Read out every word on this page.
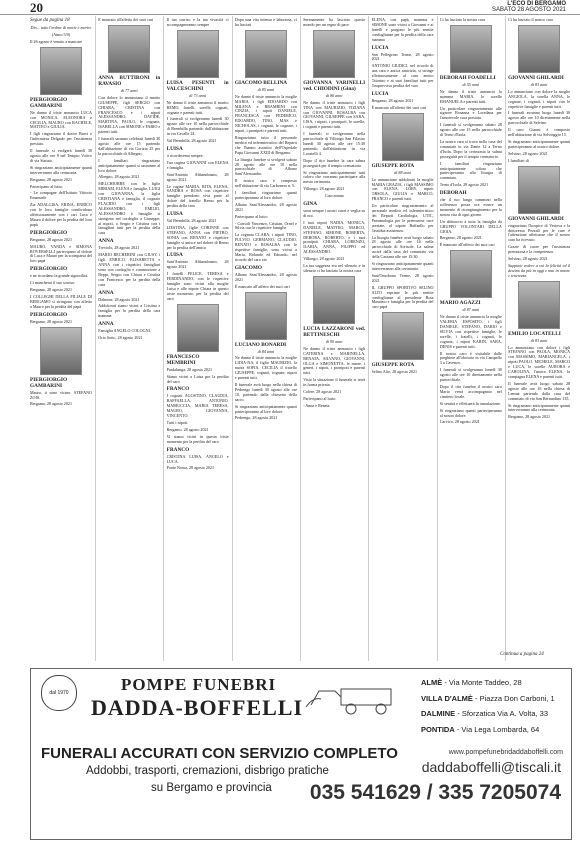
20	L'ECO DI BERGAMO
SABATO 28 AGOSTO 2021
Segue da pagina 18

Dio... tutto l'ordine di morte e morire

(Atmo 5/0)

Il 26 agosto è venuto a mancare

PIERGIORGIO GAMBARINI

Ne danno il triste annuncio LUCA con MONICA, ELEONORA e CECILIA, MAURO con RACHELE, MATTEO e GIULIA.

I figli ringraziano il dottor Bravi e l'infermiera Delgado per l'assistenza prestata.

Il funerale si svolgerà lunedì 30 agosto alle ore 9 nel Tempio Votivo di via Statuto.

Si ringraziano anticipatamente quanti interverranno alla cerimonia.

Bergamo, 28 agosto 2021

Partecipano al lutto:

- Le compagne dell'Istituto Vittorio Emanuele

Zia ADALGISA, ERINA, ENRICO con le loro famiglie condividono affettuosamente con i cari Luca e Mauro il dolore per la perdita del loro papà

PIERGIORGIO

Bergamo, 28 agosto 2021

MAURO, VANDA e SIMONA ROVERSELLI partecipano al dolore di Luca e Mauro per la scomparsa del loro papà

PIERGIORGIO

e ne ricordano la grande signorilità.

Ci mancherai il suo sorriso.

Bergamo, 28 agosto 2021

I COLLEGHI DELLA FILIALE DI BERGAMO si stringono con affetto a Mauro per la perdita del papà

PIERGIORGIO

Bergamo, 28 agosto 2021

PIERGIORGIO GAMBARINI

Mauro, ti sono vicino. STEFANO ZOIS.

Bergamo, 28 agosto 2021

È mancato all'affetto dei suoi cari

ANNA BUTTIRONI in RAVASIO

di 77 anni

Con dolore lo annunciano il marito GIUSEPPE, figli SERGIO con CHIARA, CRISTINA con FRANCESCO e i nipoti ALESSANDRO, DAVIDE, MARTINA, PAOLO, le cognate, ISABELLA con SIMONE e FABIO e parenti tutti.

I funerali saranno celebrati lunedì 30 agosto alle ore 15 partendo dall'abitazione di via Gorizia 25 per la parrocchiale di Albegno.

I familiari ringraziano anticipatamente quanti si uniranno al loro dolore.

Albegno, 28 agosto 2021

MELCHIORRE con le figlie MIRIAM, ELENA e famiglie, LUIGI con GIOVANNA, la figlia CRISTIANA e famiglia, il cognato PLACIDO con i figli ALESSANDRO, EMILIO, ALESSANDRO e famiglie si stringono nel cordoglio a Giuseppe, ai nipoti, a Sergio e Cristina con i famigliari tutti per la perdita della cara

ANNA

Treviolo, 28 agosto 2021

MARIO BECHERINI con GIUSY, i figli ENRICO, ELISABETTA e ANNA con i rispettivi famigliari sono con cordoglio e commozione a Beppi, Sergio con Chiara e Cristina con Francesco per la perdita della cara

ANNA

Dalmine, 28 agosto 2021

Addolorati siamo vicini a Cristina e famiglia per la perdita della cara mamma

ANNA

Famiglia ANGELO COLOGNI.

Orio Sotto, 28 agosto 2021

Il tuo sorriso e la tua vivacità ci accompagneranno sempre

LUISA PESENTI in VALCESCHINI

di 73 anni

Ne danno il triste annuncio il marito REMO, fratelli, sorelle, cognati, cognate e parenti tutti.

I funerali si svolgeranno lunedì 30 agosto alle ore 10 nella parrocchiale di Brembilla partendo dall'abitazione in via Cavalle 24.

Val Brembilla, 28 agosto 2021

LUISA

ti ricorderemo sempre.

Tua cugina GIOVANNI con ELENA e famiglia.

Sant'Antonio Abbandonato, 28 agosto 2021

Le cugine MARIA, RITA, ELENA, SANDRA e ROSA con rispettive famiglie prendono viva parte al dolore del fratello Remo per la perdita della cara

LUISA

Val Brembilla, 28 agosto 2021

LIESTINA, figlie CORINNE con STEFANO, ANNA con PIETRO, SONIA con RENATO e rispettive famiglie si unisce nel dolore di Remo per la perdita dell'amica

LUISA

Sant'Antonio Abbandonato, 28 agosto 2021

I fratelli FELICE, TERESA e FERDINANDO, con le rispettive famiglie sono vicini alla moglie Luisa e alle nipote Chiara in questo triste momento, per la perdita del caro

FRANCESCO MEMBRINI

Pradalunga, 28 agosto 2021

Siamo vicini a Luisa per la perdita del caro

FRANCO

I cognati AGOSTINO, CLAUDIA, RAFFAELLA, ANTONIO, MARIUCCIA, MARIA TERESA, MAURO, GIOVANNA, VINCENTO.

Tutti i nipoti.

Bergamo, 28 agosto 2021

Vi siamo vicini in questo triste momento per la perdita del caro

FRANCO

CRISTINA LUISA, ANGELO e LUCA.

Ponte Nossa, 28 agosto 2021

Dopo una vita intensa e laboriosa, ci ha lasciati

GIACOMO BELLINA

di 85 anni

Ne danno il triste annuncio la moglie MARIA, i figli EDOARDO con MILENA e BRAMBINI con CINZIA, i nipoti DANIELE, FRANCESCA con FEDERICO, EDOARDO, TINO, MAS e NICHOLAS, i cognati, le cognate, i nipoti, i pronipoti e parenti tutti.

Ringraziamo tutto il personale medico ed infermieristico del Reparti che l'hanno assistito dell'Ospedale Papa Giovanni XXIII di Bergamo.

La liturgia funebre si svolgerà sabato 28 agosto alle ore 10 nella parrocchiale di Albano Sant'Alessandro.

Il nostro caro è composto nell'abitazione di via Carbonera n. 5.

I familiari ringraziano quanti parteciperanno al loro dolore.

Albano Sant'Alessandro, 28 agosto 2021

Partecipano al lutto:

- Consoli Vincenzo, Cristian, Ornel e Silvia con le rispettive famiglie

La cognata CLARA, i nipoti TINO, FULVIO, GERMANO, CLAUDIO, RENATO e ROSALBA con le rispettive famiglie, sono vicini a Maria, Rolando ed Edoardo, nel ricordo del caro zio

GIACOMO

Albano Sant'Alessandro, 28 agosto 2021

È mancato all'affetto dei suoi cari

LUCIANO BONARDI

di 84 anni

Ne danno il triste annuncio la moglie LIDIA-NA, il figlio MAURIZIO, la nuora SOFIA, CECILIA il fratello GIUSEPPE, cognati, cognate, nipoti e parenti tutti.

Il funerale avrà luogo nella chiesa di Pedrengo lunedì 30 agosto alle ore 10, partendo dalla chiesetta della sacro.

Si ringraziano anticipatamente quanti parteciperanno al loro dolore.

Pedrengo, 28 agosto 2021

Serenamente ha lasciato questo mondo per un regno di pace

GIOVANNA VARINELLI ved. CHIODINI (Gina)

di 86 anni

Ne danno il triste annuncio i figli TINA con MAURIZIO, TIZIANA con GIOVANNI, ROSALBA con GIOVANNI, GIUSEPPE con SARA, LISA, i nipoti, i pronipoti, le sorelle, i cognati e parenti tutti.

I funerali si svolgeranno nella parrocchiale di Villongo San Filastro lunedì 30 agosto alle ore 15:30 partendo dall'abitazione in via Locatelli 4.

Dopo il rito funebre la cara salma proseguirà per il tempio crematorio.

Si ringraziano anticipatamente tutti coloro che vorranno partecipare alla mesta cerimonia.

Villongo, 28 agosto 2021

Ciao nonna

GINA

sarai sempre i nostri cuori e veglia su di noi.

I tuoi nipoti NADIA, MONICA, DANIELE, MATTEO, MARCO, STEFANO, SIMONE, ROBERTA, DEBORA, ROBERTO, e i tuoi pronipoti CHIARA, LORENZO, ILARIA, ANNA, FILIPPO ed ALESSANDRO.

Villongo, 28 agosto 2021

La tua saggezza era nel silenzio e in silenzio ci ha lasciato la nostra cara

LUCIA LAZZARONI ved. BETTINESCHI

di 90 anni

Ne danno il triste annuncio i figli CATERINA e MARINELLA, RENATA, SILVANO, GIOVANNI, OLGA e SIMONETTA, le nuore, i generi, i nipoti, i pronipoti e parenti tutti.

Visto la situazione il funerale si terrà in forma privata.

Colere, 28 agosto 2021

Partecipano al lutto:

- Anna e Renata

ELENA, con papà, mamma e SIMONE sono vicini a Giovanni e ai fratelli e porgono le più sentite condoglianze per la perdita della cara mamma

LUCIA

San Pellegrino Terme, 28 agosto 2021

ANTONIO GIUDICI, nel ricordo di una cara e antica amicizia, si stringe affettuosamente al caro amico Ottorino e ai suoi familiari tutti per l'improvvisa perdita del caro

LUCIA

Bergamo, 28 agosto 2021

È mancato all'affetto dei suoi cari

GIUSEPPE ROTA

di 88 anni

Lo annunciano addolorati la moglie MARIA GRAZIA, i figli MASSIMO con ELENA, LORY, nipoti ORSOLA, GIULIA e MARCO, FRANCO e parenti tutti.

Un particolare ringraziamento al personale medico ed infermieristico dei Reparti Cardiologia, UTIC, Pneumologia per le premurose cure prestate, al nipote Raffaello per l'assidua assistenza.

La liturgia funebre avrà luogo sabato 28 agosto alle ore 16 nella parrocchiale di Sorisole. La salma uscirà dalla casa del commiato via della Carzana alle ore 15:30.

Si ringraziano anticipatamente quanti interverranno alla cerimonia.

Sant'Omobono Terme, 28 agosto 2021

IL GRUPPO SPORTIVO SELINO ALTO esprime le più sentite condoglianze al presidente Rota Massimo e famiglia per la perdita del caro papà

GIUSEPPE ROTA

Selino Alto, 28 agosto 2021

Ci ha lasciato la nostra cara

DEBORAH FOADELLI

di 55 anni

Ne danno il triste annuncio la mamma MARIA, le sorelle EMANUELA e parenti tutti.

Un particolare ringraziamento alle signore Rosanna e Loredana per l'amorevole cura prestata.

I funerali si svolgeranno sabato 28 agosto alle ore 15 nella parrocchiale di Terno d'Isola.

La nostra cara si trova nella casa del commiato in via Dante 12 a Terno d'Isola. Dopo la cerimonia la salma proseguirà per il tempio crematorio.

I familiari ringraziano anticipatamente coloro che parteciperanno alla liturgia di commiato.

Terno d'Isola, 28 agosto 2021

DEBORAH

che il tuo lungo cammino nella sofferenza possa ora essere un momento di ricongiungimento per la nostra vita di ogni giorno.

Un abbraccio a tutta la famiglia da GRUPPO VOLONTARI DELLA GIOIA.

Bergamo, 28 agosto 2021

È mancato all'affetto dei suoi cari

MARIO AGAZZI

di 87 anni

Ne danno il triste annuncio la moglie VALERIA ESPOSITO, i figli DANIELE, STEFANO, DARIO e SILVIA con rispettive famiglie, le sorelle, i fratelli, i cognati, le cognate, i nipoti KARIN, SARA, DENIS e parenti tutti.

Il nostro caro è visitabile dalle preghiere all'obitorio in via Campello 3 a Cavenzo.

I funerali si svolgeranno lunedì 30 agosto alle ore 10 direttamente nella parrocchiale.

Dopo il rito funebre il nostro caro Mario verrà accompagnato nel cimitero locale.

Si sentirà e effettuerà la tumulazione.

Si ringraziano quanti parteciperanno al nostro dolore.

Carvico, 28 agosto 2021

Ci ha lasciato il nostro caro

GIOVANNI GHILARDI

di 83 anni

Lo annunciano con dolore la moglie ANGIOLA, la sorella ANNA, le cognate, i cognati, i nipoti con le rispettive famiglie e parenti tutti.

I funerali avranno luogo lunedì 30 agosto alle ore 10 direttamente nella parrocchiale di Selvino.

Il caro Gianni è composto nell'abitazione di via Selvinggio 15.

Si ringraziano anticipatamente quanti parteciperanno al nostro dolore.

Selvino, 28 agosto 2021

I familiari di

GIOVANNI GHILARDI

ringraziano l'hospice di Vertova e la dottoressa Pezzali per le cure e l'attenzione affettuose che il nostro caro ha ricevuto.

Grazie di cuore per l'assistenza premurosa e la competenza.

Selvino, 28 agosto 2021

Sappiate vedere a voi la felicità ed il destino da più in oggi e mai in amore e tenerezza.

EMILIO LOCATELLI

di 83 anni

Lo annunciano con dolore i figli STEFANO con PAOLA, MONICA con MASSIMO, MARIANGELA, i nipoti PAOLO, MICHELE, MARCO e LUCA, le sorelle AURORA e CAROLINA, l'amica ELENA, la compagna ELENA e parenti tutti.

Il funerale avrà luogo sabato 28 agosto alle ore 16 nella chiesa di Lemna partendo dalla casa del commiato di via San Bernardino 135.

Si ringraziano anticipatamente quanti interverranno alla cerimonia.

Bergamo, 28 agosto 2021

Continua a pagina 24
dal 1970	POMPE FUNEBRI
DADDA-BOFFELLI
ALMÈ - Via Monte Taddeo, 28
VILLA D'ALMÈ - Piazza Don Carboni, 1
DALMINE - Sforzatica Via A. Volta, 33
PONTIDA - Via Lega Lombarda, 64
FUNERALI ACCURATI CON SERVIZIO COMPLETO
Addobbi, trasporti, cremazioni, disbrigo pratiche
su Bergamo e provincia
www.pompefunebridaddaboffelli.com
daddaboffelli@tiscali.it
035 541629 / 335 7205074
